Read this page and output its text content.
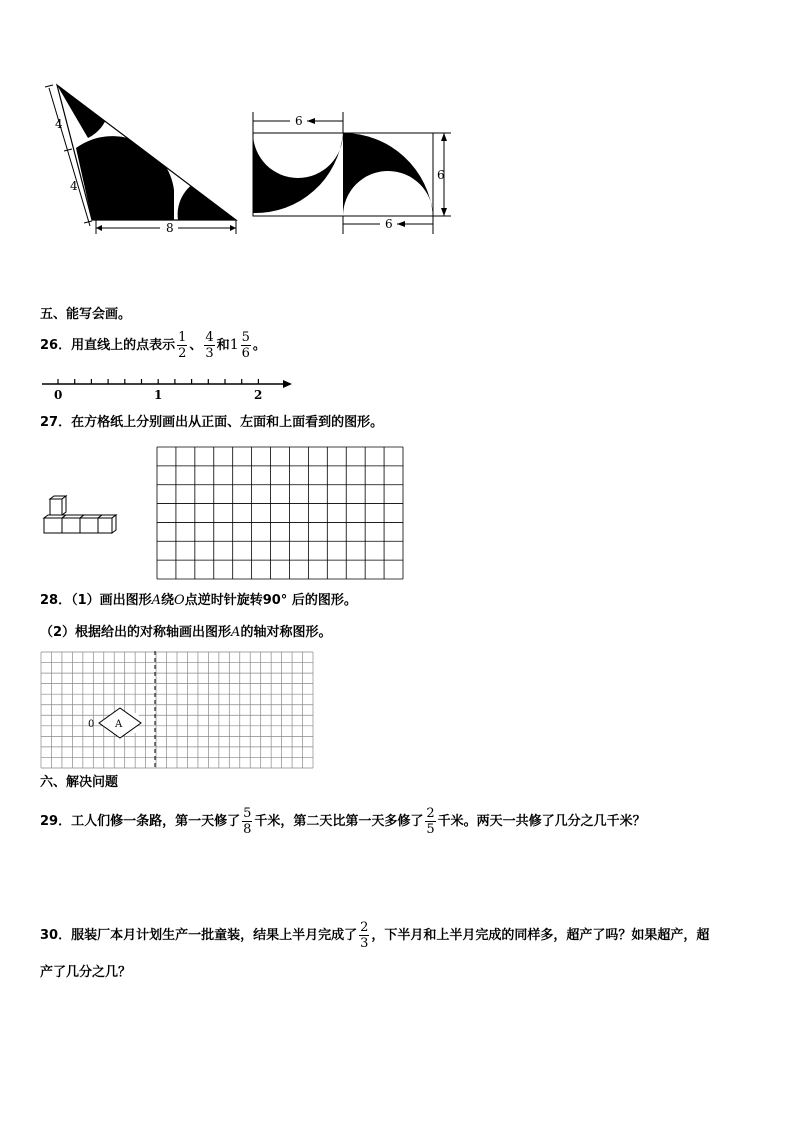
4
4
8
6
6
6
五、能写会画。
26．用直线上的点表示 $\frac{1}{2}$ 、 $\frac{4}{3}$ 和$1 \frac{5}{6}$ 。
0	1	2
27．在方格纸上分别画出从正面、左面和上面看到的图形。
28．（1）画出图形A绕O点逆时针旋转90° 后的图形。
（2）根据给出的对称轴画出图形A的轴对称图形。
0 A
六、解决问题
29．工人们修一条路，第一天修了 $\frac{5}{8}$ 千米，第二天比第一天多修了 $\frac{2}{5}$ 千米。两天一共修了几分之几千米？
30．服装厂本月计划生产一批童装，结果上半月完成了 $\frac{2}{3}$ ，下半月和上半月完成的同样多，超产了吗？如果超产，超
产了几分之几？
